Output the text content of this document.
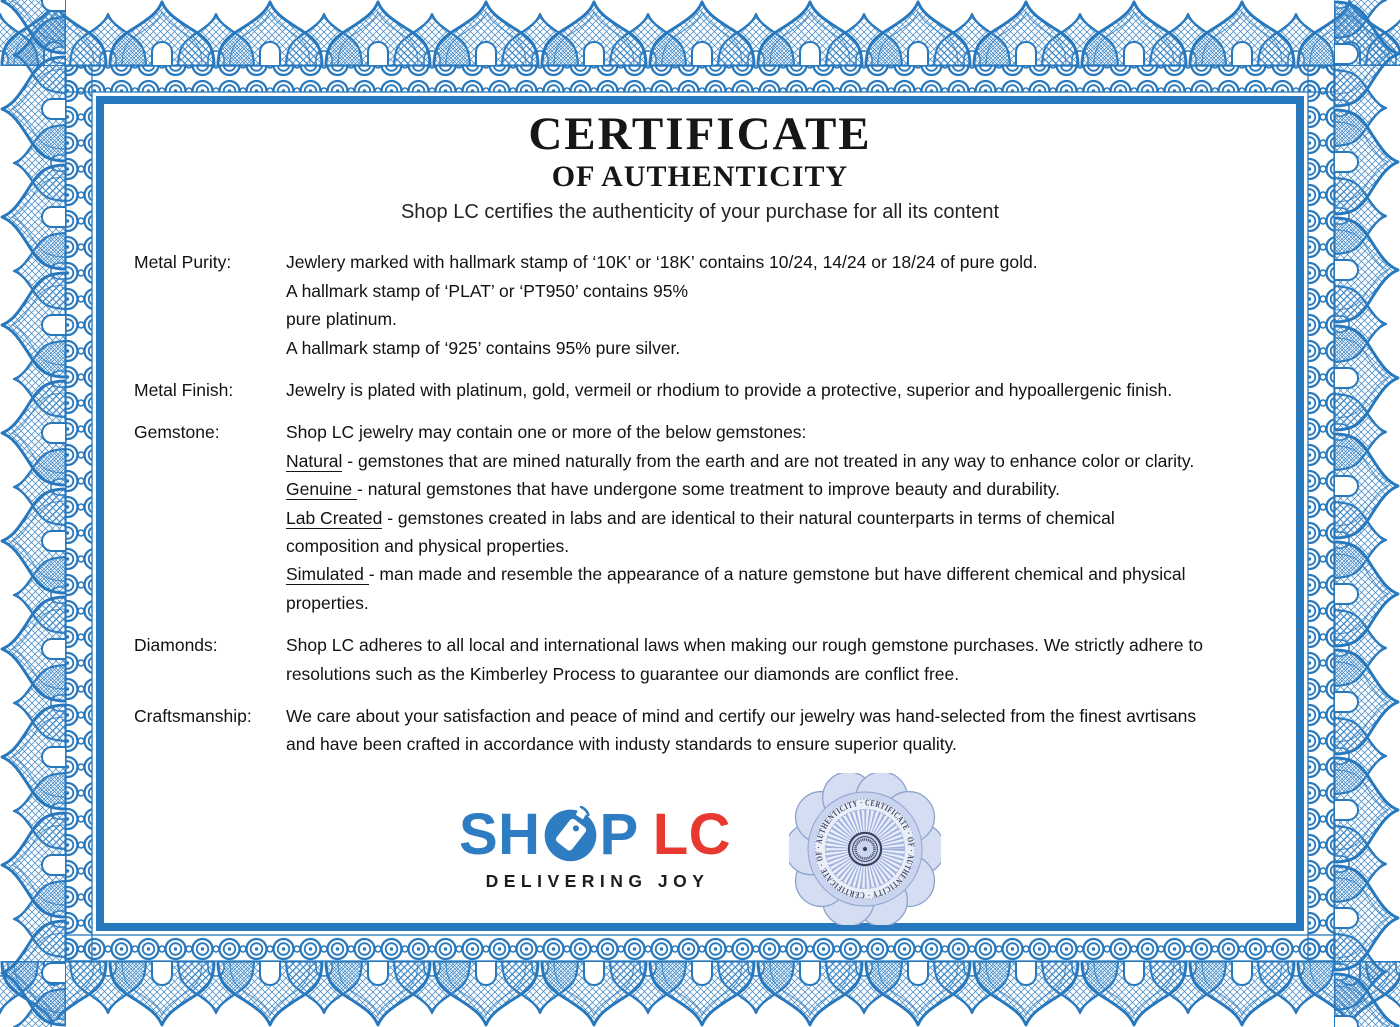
CERTIFICATE
OF AUTHENTICITY

Shop LC certifies the authenticity of your purchase for all its content

Metal Purity:	Jewlery marked with hallmark stamp of ‘10K’ or ‘18K’ contains 10/24, 14/24 or 18/24 of pure gold.
A hallmark stamp of ‘PLAT’ or ‘PT950’ contains 95%
pure platinum.
A hallmark stamp of ‘925’ contains 95% pure silver.
Metal Finish:	Jewelry is plated with platinum, gold, vermeil or rhodium to provide a protective, superior and hypoallergenic finish.
Gemstone:	Shop LC jewelry may contain one or more of the below gemstones:
Natural - gemstones that are mined naturally from the earth and are not treated in any way to enhance color or clarity.
Genuine - natural gemstones that have undergone some treatment to improve beauty and durability.
Lab Created - gemstones created in labs and are identical to their natural counterparts in terms of chemical
composition and physical properties.
Simulated - man made and resemble the appearance of a nature gemstone but have different chemical and physical
properties.
Diamonds:	Shop LC adheres to all local and international laws when making our rough gemstone purchases. We strictly adhere to
resolutions such as the Kimberley Process to guarantee our diamonds are conflict free.
Craftsmanship:	We care about your satisfaction and peace of mind and certify our jewelry was hand-selected from the finest avrtisans
and have been crafted in accordance with industy standards to ensure superior quality.
SH P LC
DELIVERING JOY
CERTIFICATE · OF · AUTHENTICITY · CERTIFICATE · OF · AUTHENTICITY ·
